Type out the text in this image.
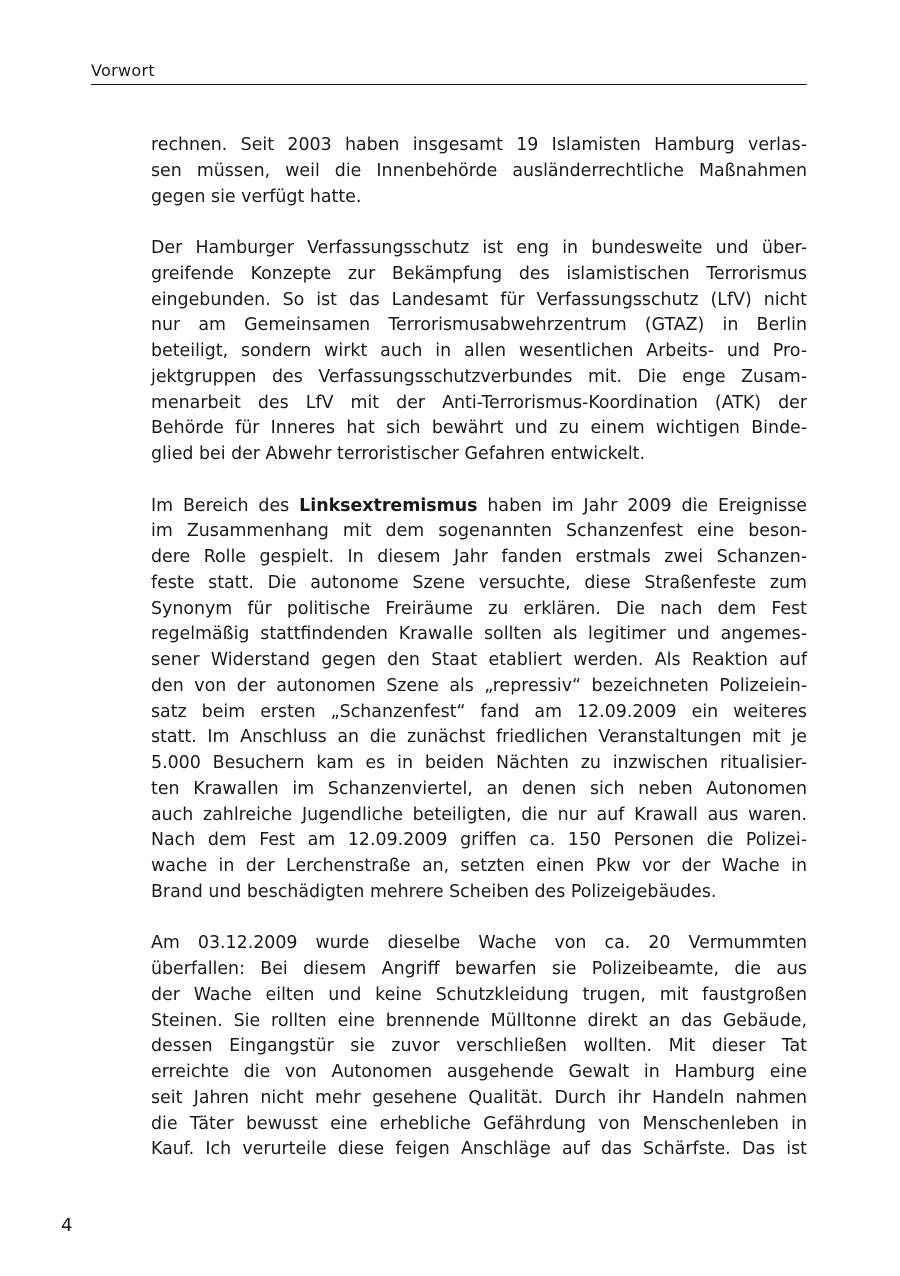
Vorwort
rechnen. Seit 2003 haben insgesamt 19 Islamisten Hamburg verlas-
sen müssen, weil die Innenbehörde ausländerrechtliche Maßnahmen
gegen sie verfügt hatte.
Der Hamburger Verfassungsschutz ist eng in bundesweite und über-
greifende Konzepte zur Bekämpfung des islamistischen Terrorismus
eingebunden. So ist das Landesamt für Verfassungsschutz (LfV) nicht
nur am Gemeinsamen Terrorismusabwehrzentrum (GTAZ) in Berlin
beteiligt, sondern wirkt auch in allen wesentlichen Arbeits- und Pro-
jektgruppen des Verfassungsschutzverbundes mit. Die enge Zusam-
menarbeit des LfV mit der Anti-Terrorismus-Koordination (ATK) der
Behörde für Inneres hat sich bewährt und zu einem wichtigen Binde-
glied bei der Abwehr terroristischer Gefahren entwickelt.
Im Bereich des Linksextremismus haben im Jahr 2009 die Ereignisse
im Zusammenhang mit dem sogenannten Schanzenfest eine beson-
dere Rolle gespielt. In diesem Jahr fanden erstmals zwei Schanzen-
feste statt. Die autonome Szene versuchte, diese Straßenfeste zum
Synonym für politische Freiräume zu erklären. Die nach dem Fest
regelmäßig stattfindenden Krawalle sollten als legitimer und angemes-
sener Widerstand gegen den Staat etabliert werden. Als Reaktion auf
den von der autonomen Szene als „repressiv“ bezeichneten Polizeiein-
satz beim ersten „Schanzenfest“ fand am 12.09.2009 ein weiteres
statt. Im Anschluss an die zunächst friedlichen Veranstaltungen mit je
5.000 Besuchern kam es in beiden Nächten zu inzwischen ritualisier-
ten Krawallen im Schanzenviertel, an denen sich neben Autonomen
auch zahlreiche Jugendliche beteiligten, die nur auf Krawall aus waren.
Nach dem Fest am 12.09.2009 griffen ca. 150 Personen die Polizei-
wache in der Lerchenstraße an, setzten einen Pkw vor der Wache in
Brand und beschädigten mehrere Scheiben des Polizeigebäudes.
Am 03.12.2009 wurde dieselbe Wache von ca. 20 Vermummten
überfallen: Bei diesem Angriff bewarfen sie Polizeibeamte, die aus
der Wache eilten und keine Schutzkleidung trugen, mit faustgroßen
Steinen. Sie rollten eine brennende Mülltonne direkt an das Gebäude,
dessen Eingangstür sie zuvor verschließen wollten. Mit dieser Tat
erreichte die von Autonomen ausgehende Gewalt in Hamburg eine
seit Jahren nicht mehr gesehene Qualität. Durch ihr Handeln nahmen
die Täter bewusst eine erhebliche Gefährdung von Menschenleben in
Kauf. Ich verurteile diese feigen Anschläge auf das Schärfste. Das ist
4
